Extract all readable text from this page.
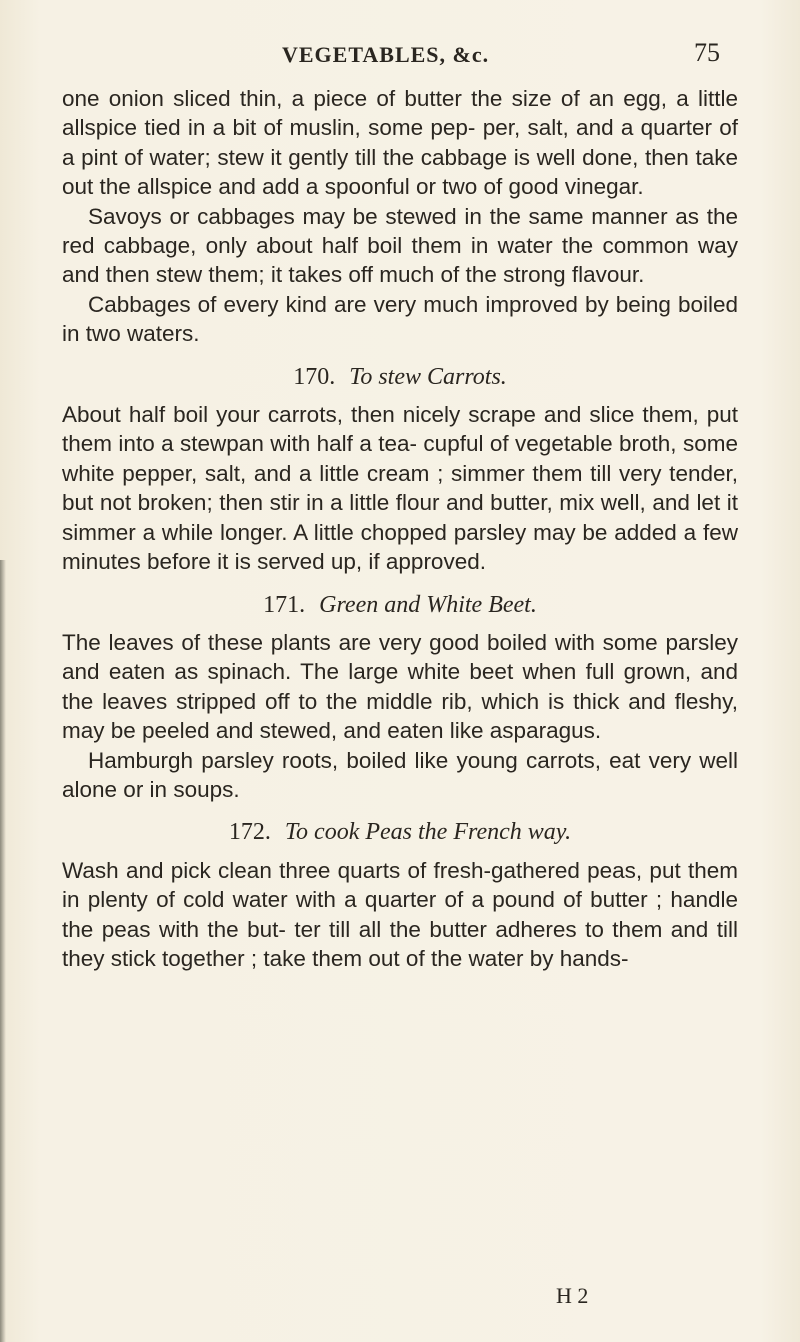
VEGETABLES, &c.	75

one onion sliced thin, a piece of butter the size of an egg, a little allspice tied in a bit of muslin, some pep- per, salt, and a quarter of a pint of water; stew it gently till the cabbage is well done, then take out the allspice and add a spoonful or two of good vinegar.

Savoys or cabbages may be stewed in the same manner as the red cabbage, only about half boil them in water the common way and then stew them; it takes off much of the strong flavour.

Cabbages of every kind are very much improved by being boiled in two waters.

170. To stew Carrots.

About half boil your carrots, then nicely scrape and slice them, put them into a stewpan with half a tea- cupful of vegetable broth, some white pepper, salt, and a little cream ; simmer them till very tender, but not broken; then stir in a little flour and butter, mix well, and let it simmer a while longer. A little chopped parsley may be added a few minutes before it is served up, if approved.

171. Green and White Beet.

The leaves of these plants are very good boiled with some parsley and eaten as spinach. The large white beet when full grown, and the leaves stripped off to the middle rib, which is thick and fleshy, may be peeled and stewed, and eaten like asparagus.

Hamburgh parsley roots, boiled like young carrots, eat very well alone or in soups.

172. To cook Peas the French way.

Wash and pick clean three quarts of fresh-gathered peas, put them in plenty of cold water with a quarter of a pound of butter ; handle the peas with the but- ter till all the butter adheres to them and till they stick together ; take them out of the water by hands-

H 2
